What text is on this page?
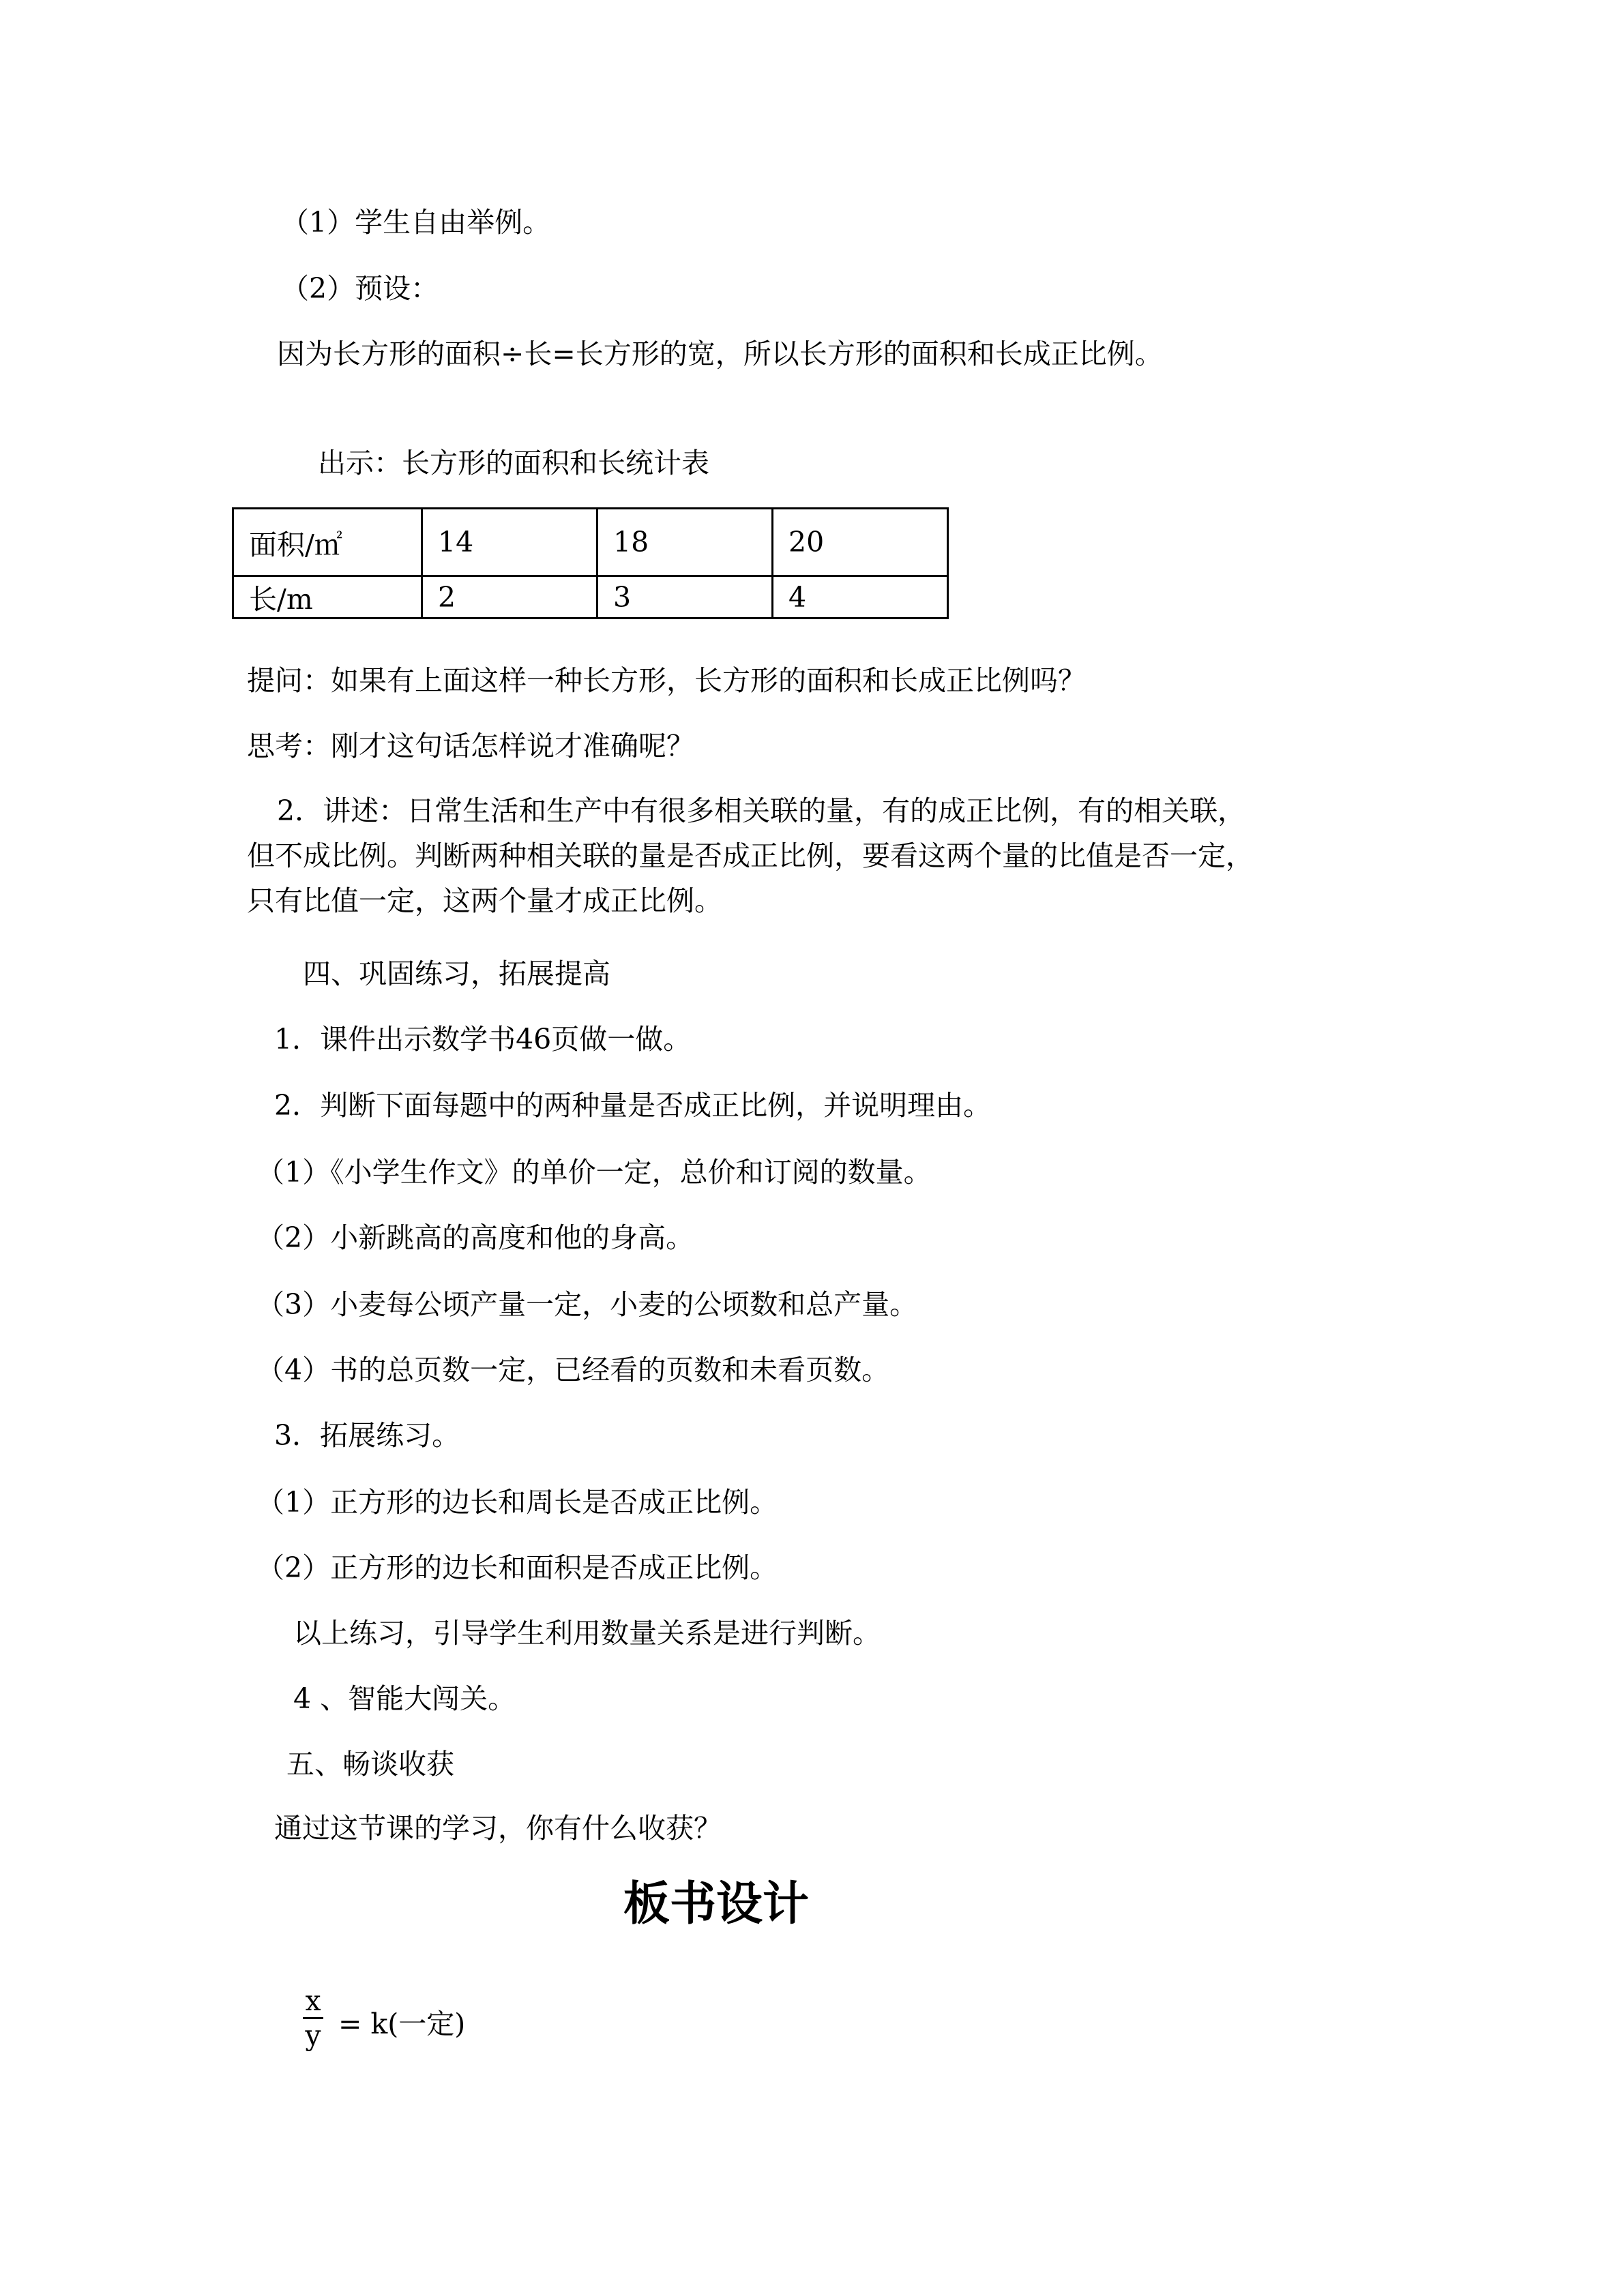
（1）学生自由举例。
（2）预设：
因为长方形的面积÷长=长方形的宽，所以长方形的面积和长成正比例。
出示：长方形的面积和长统计表
面积/㎡	14	18	20
长/m	2	3	4
提问：如果有上面这样一种长方形，长方形的面积和长成正比例吗？
思考：刚才这句话怎样说才准确呢？
2．讲述：日常生活和生产中有很多相关联的量，有的成正比例，有的相关联，但不成比例。判断两种相关联的量是否成正比例，要看这两个量的比值是否一定，只有比值一定，这两个量才成正比例。
四、巩固练习，拓展提高
1．课件出示数学书46页做一做。
2．判断下面每题中的两种量是否成正比例，并说明理由。
（1）《小学生作文》的单价一定，总价和订阅的数量。
（2）小新跳高的高度和他的身高。
（3）小麦每公顷产量一定，小麦的公顷数和总产量。
（4）书的总页数一定，已经看的页数和未看页数。
3．拓展练习。
（1）正方形的边长和周长是否成正比例。
（2）正方形的边长和面积是否成正比例。
以上练习，引导学生利用数量关系是进行判断。
4 、智能大闯关。
五、畅谈收获
通过这节课的学习，你有什么收获？
板书设计
x
y = k(一定)
